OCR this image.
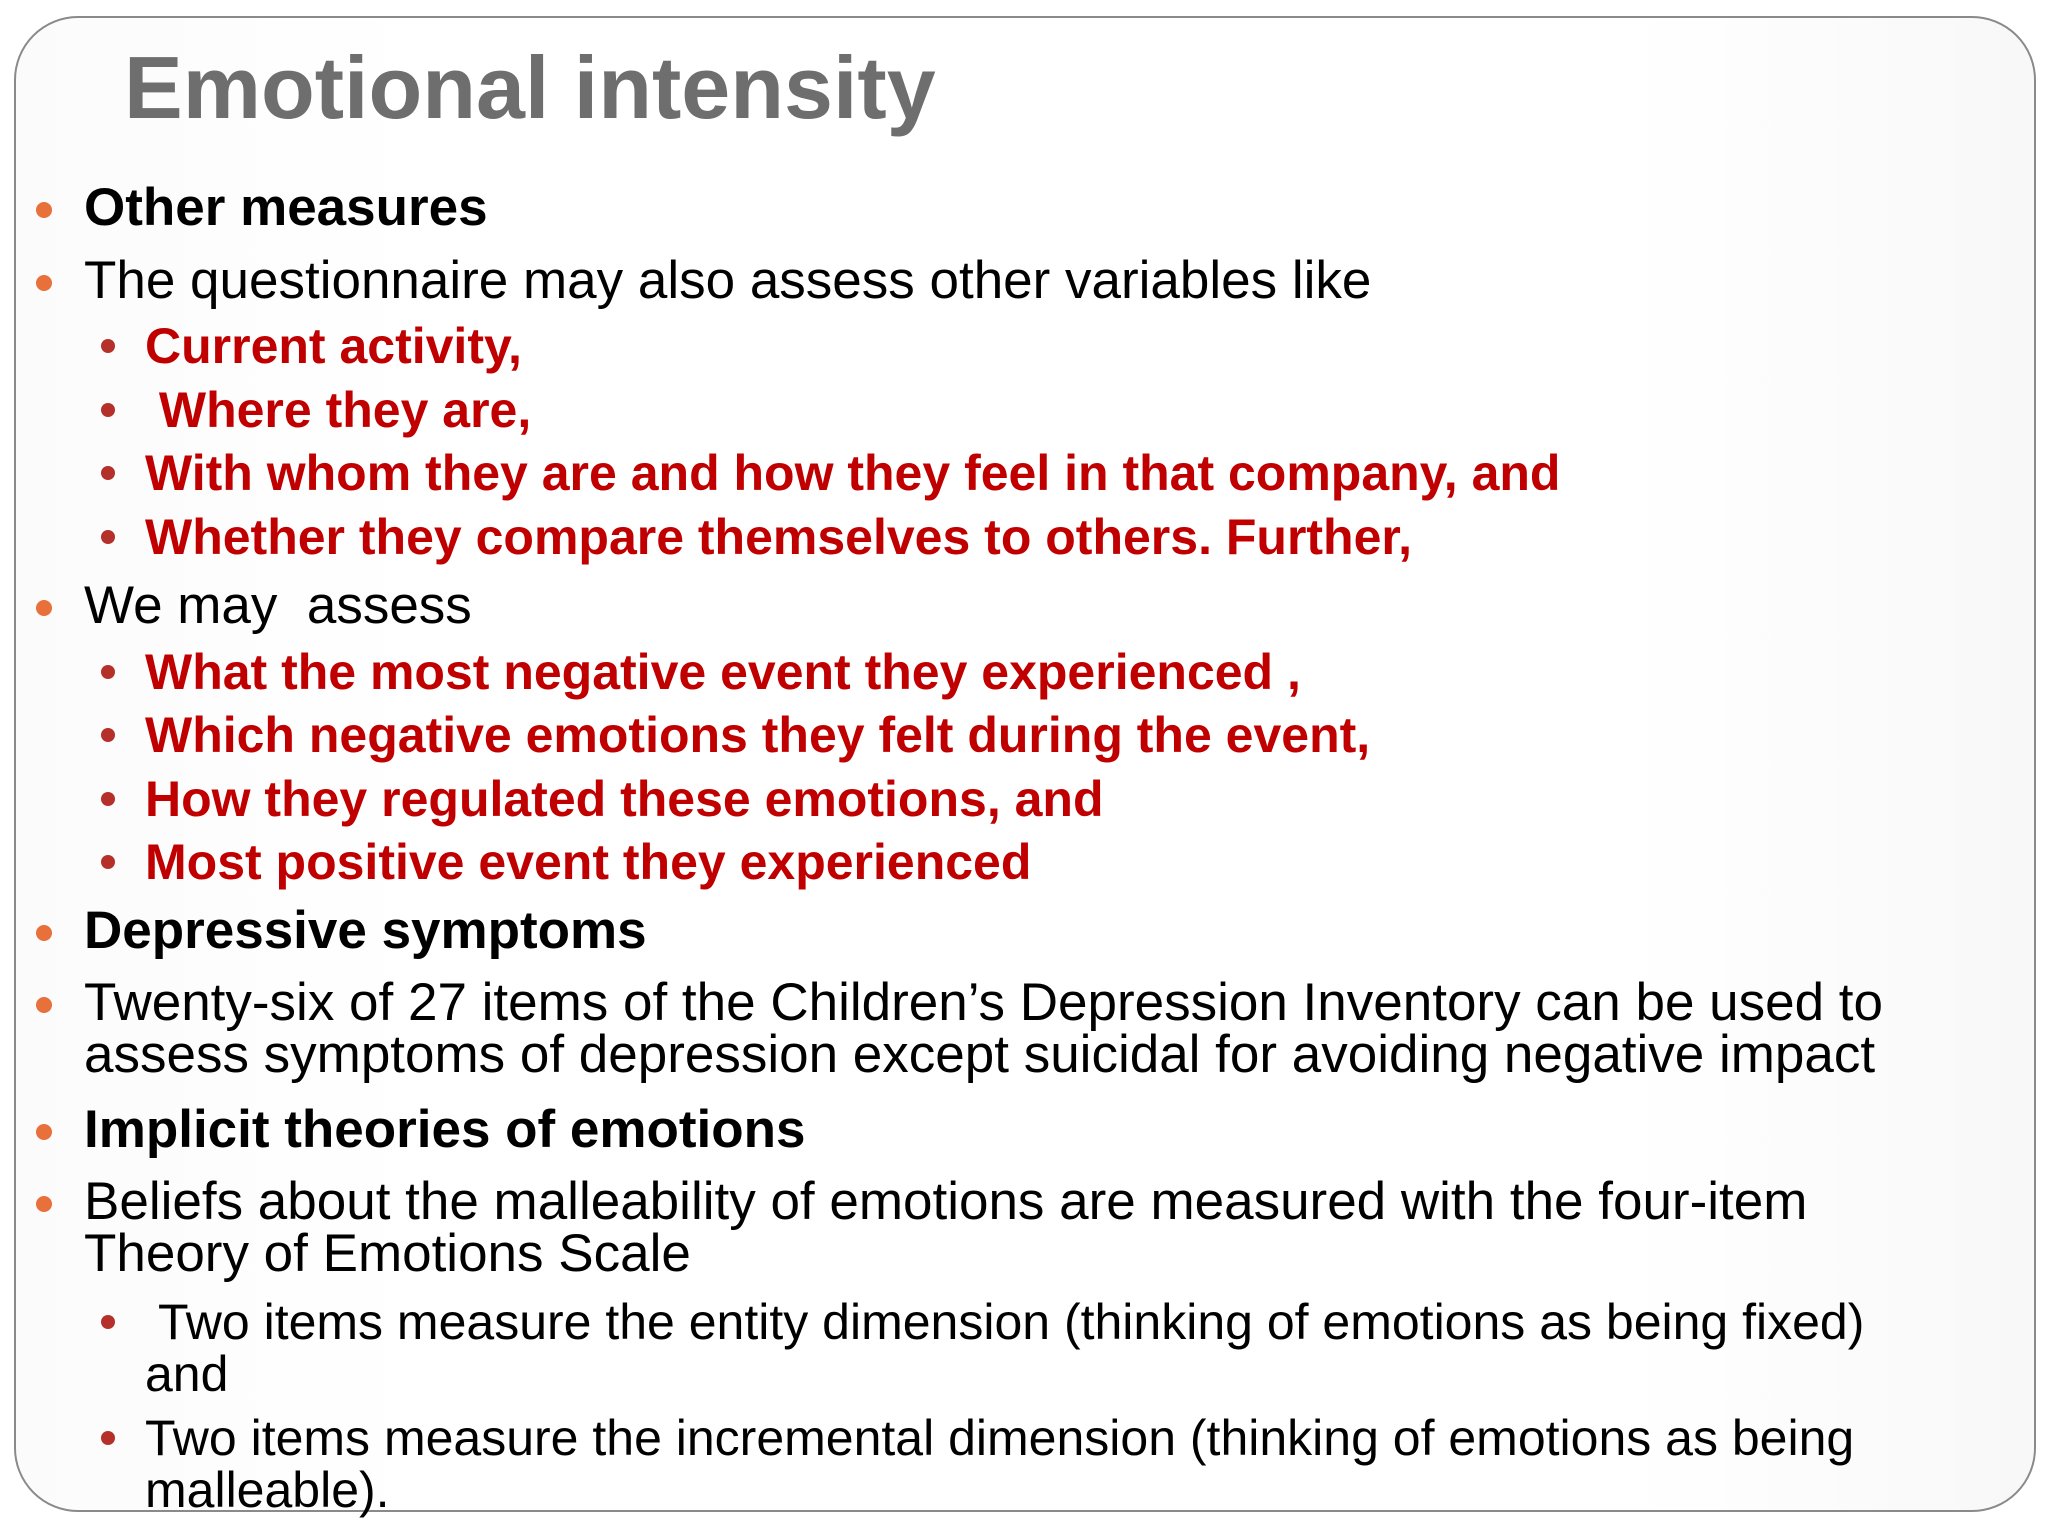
Emotional intensity

Other measures

The questionnaire may also assess other variables like

Current activity,

Where they are,

With whom they are and how they feel in that company, and

Whether they compare themselves to others. Further,

We may  assess

What the most negative event they experienced ,

Which negative emotions they felt during the event,

How they regulated these emotions, and

Most positive event they experienced

Depressive symptoms

Twenty-six of 27 items of the Children’s Depression Inventory can be used to
assess symptoms of depression except suicidal for avoiding negative impact

Implicit theories of emotions

Beliefs about the malleability of emotions are measured with the four-item
Theory of Emotions Scale

Two items measure the entity dimension (thinking of emotions as being fixed)
and

Two items measure the incremental dimension (thinking of emotions as being
malleable).
